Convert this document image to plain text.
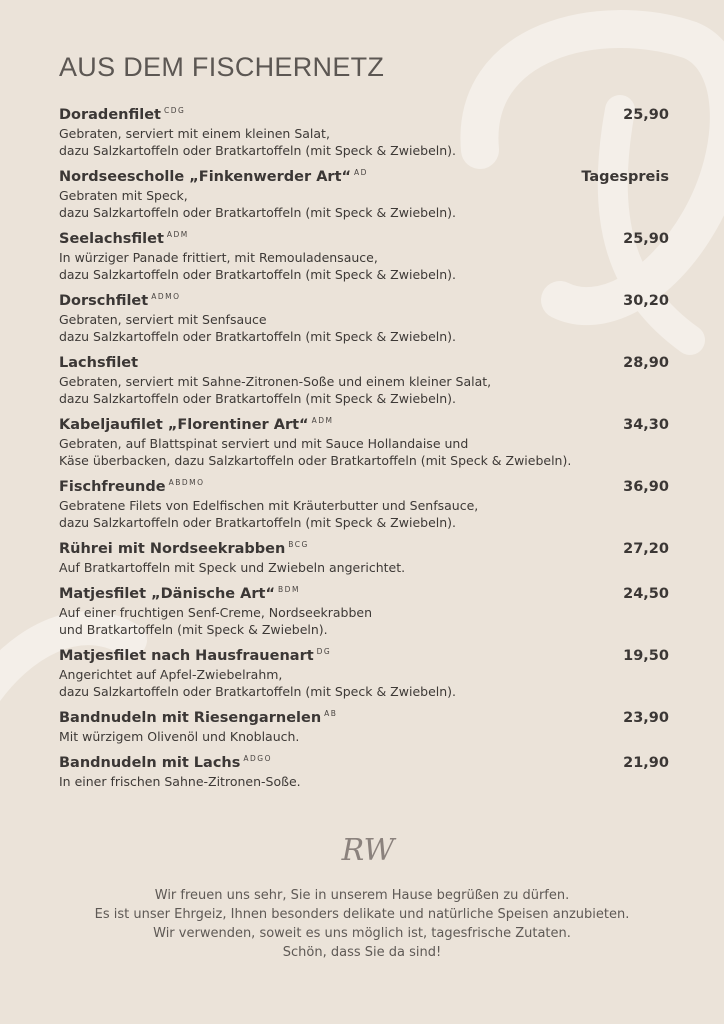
AUS DEM FISCHERNETZ
Doradenfilet $^{CDG}$	25,90
Gebraten, serviert mit einem kleinen Salat,
dazu Salzkartoffeln oder Bratkartoffeln (mit Speck & Zwiebeln).
Nordseescholle „Finkenwerder Art“ $^{AD}$	Tagespreis
Gebraten mit Speck,
dazu Salzkartoffeln oder Bratkartoffeln (mit Speck & Zwiebeln).
Seelachsfilet $^{ADM}$	25,90
In würziger Panade frittiert, mit Remouladensauce,
dazu Salzkartoffeln oder Bratkartoffeln (mit Speck & Zwiebeln).
Dorschfilet $^{ADMO}$	30,20
Gebraten, serviert mit Senfsauce
dazu Salzkartoffeln oder Bratkartoffeln (mit Speck & Zwiebeln).
Lachsfilet	28,90
Gebraten, serviert mit Sahne-Zitronen-Soße und einem kleiner Salat,
dazu Salzkartoffeln oder Bratkartoffeln (mit Speck & Zwiebeln).
Kabeljaufilet „Florentiner Art“ $^{ADM}$	34,30
Gebraten, auf Blattspinat serviert und mit Sauce Hollandaise und
Käse überbacken, dazu Salzkartoffeln oder Bratkartoffeln (mit Speck & Zwiebeln).
Fischfreunde $^{ABDMO}$	36,90
Gebratene Filets von Edelfischen mit Kräuterbutter und Senfsauce,
dazu Salzkartoffeln oder Bratkartoffeln (mit Speck & Zwiebeln).
Rührei mit Nordseekrabben $^{BCG}$	27,20
Auf Bratkartoffeln mit Speck und Zwiebeln angerichtet.
Matjesfilet „Dänische Art“ $^{BDM}$	24,50
Auf einer fruchtigen Senf-Creme, Nordseekrabben
und Bratkartoffeln (mit Speck & Zwiebeln).
Matjesfilet nach Hausfrauenart $^{DG}$	19,50
Angerichtet auf Apfel-Zwiebelrahm,
dazu Salzkartoffeln oder Bratkartoffeln (mit Speck & Zwiebeln).
Bandnudeln mit Riesengarnelen $^{AB}$	23,90
Mit würzigem Olivenöl und Knoblauch.
Bandnudeln mit Lachs $^{ADGO}$	21,90
In einer frischen Sahne-Zitronen-Soße.
RW

Wir freuen uns sehr, Sie in unserem Hause begrüßen zu dürfen.

Es ist unser Ehrgeiz, Ihnen besonders delikate und natürliche Speisen anzubieten.

Wir verwenden, soweit es uns möglich ist, tagesfrische Zutaten.

Schön, dass Sie da sind!
